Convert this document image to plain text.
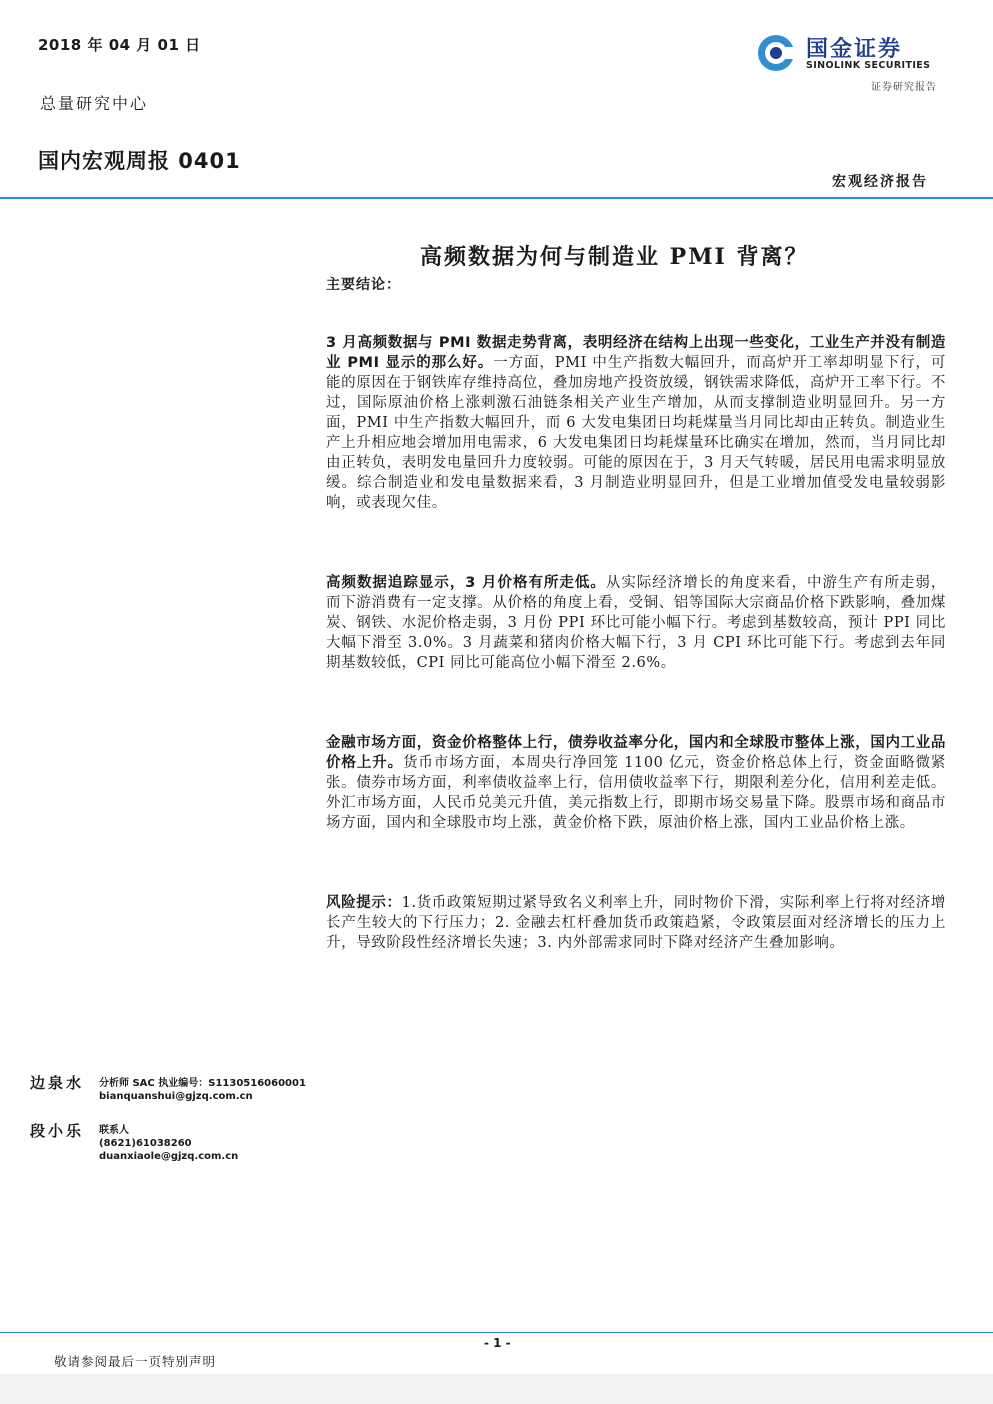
2018 年 04 月 01 日
总量研究中心
国内宏观周报 0401
国金证券
SINOLINK SECURITIES
证券研究报告
宏观经济报告
高频数据为何与制造业 PMI 背离？
主要结论：
3 月高频数据与 PMI 数据走势背离，表明经济在结构上出现一些变化，工业生产并没有制造业 PMI 显示的那么好。一方面，PMI 中生产指数大幅回升，而高炉开工率却明显下行，可能的原因在于钢铁库存维持高位，叠加房地产投资放缓，钢铁需求降低，高炉开工率下行。不过，国际原油价格上涨刺激石油链条相关产业生产增加，从而支撑制造业明显回升。另一方面，PMI 中生产指数大幅回升，而 6 大发电集团日均耗煤量当月同比却由正转负。制造业生产上升相应地会增加用电需求，6 大发电集团日均耗煤量环比确实在增加，然而，当月同比却由正转负，表明发电量回升力度较弱。可能的原因在于，3 月天气转暖，居民用电需求明显放缓。综合制造业和发电量数据来看，3 月制造业明显回升，但是工业增加值受发电量较弱影响，或表现欠佳。
高频数据追踪显示，3 月价格有所走低。从实际经济增长的角度来看，中游生产有所走弱，而下游消费有一定支撑。从价格的角度上看，受铜、铝等国际大宗商品价格下跌影响，叠加煤炭、钢铁、水泥价格走弱，3 月份 PPI 环比可能小幅下行。考虑到基数较高，预计 PPI 同比大幅下滑至 3.0%。3 月蔬菜和猪肉价格大幅下行，3 月 CPI 环比可能下行。考虑到去年同期基数较低，CPI 同比可能高位小幅下滑至 2.6%。
金融市场方面，资金价格整体上行，债券收益率分化，国内和全球股市整体上涨，国内工业品价格上升。货币市场方面，本周央行净回笼 1100 亿元，资金价格总体上行，资金面略微紧张。债券市场方面，利率债收益率上行，信用债收益率下行，期限利差分化，信用利差走低。外汇市场方面，人民币兑美元升值，美元指数上行，即期市场交易量下降。股票市场和商品市场方面，国内和全球股市均上涨，黄金价格下跌，原油价格上涨，国内工业品价格上涨。
风险提示：1.货币政策短期过紧导致名义利率上升，同时物价下滑，实际利率上行将对经济增长产生较大的下行压力；2. 金融去杠杆叠加货币政策趋紧，令政策层面对经济增长的压力上升，导致阶段性经济增长失速；3. 内外部需求同时下降对经济产生叠加影响。
边泉水 分析师 SAC 执业编号：S1130516060001
bianquanshui@gjzq.com.cn
段小乐 联系人
(8621)61038260
duanxiaole@gjzq.com.cn
- 1 -
敬请参阅最后一页特别声明
